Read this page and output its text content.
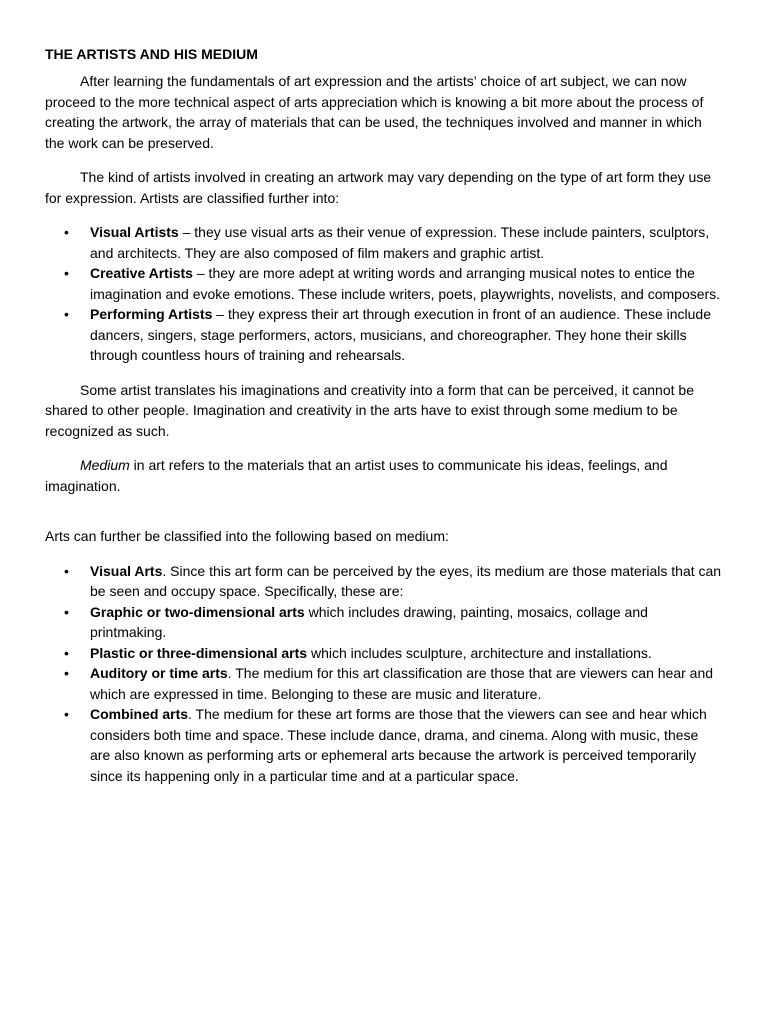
THE ARTISTS AND HIS MEDIUM

After learning the fundamentals of art expression and the artists’ choice of art subject, we can now proceed to the more technical aspect of arts appreciation which is knowing a bit more about the process of creating the artwork, the array of materials that can be used, the techniques involved and manner in which the work can be preserved.

The kind of artists involved in creating an artwork may vary depending on the type of art form they use for expression. Artists are classified further into:

• Visual Artists – they use visual arts as their venue of expression. These include painters, sculptors, and architects. They are also composed of film makers and graphic artist.
• Creative Artists – they are more adept at writing words and arranging musical notes to entice the imagination and evoke emotions. These include writers, poets, playwrights, novelists, and composers.
• Performing Artists – they express their art through execution in front of an audience. These include dancers, singers, stage performers, actors, musicians, and choreographer. They hone their skills through countless hours of training and rehearsals.

Some artist translates his imaginations and creativity into a form that can be perceived, it cannot be shared to other people. Imagination and creativity in the arts have to exist through some medium to be recognized as such.

Medium in art refers to the materials that an artist uses to communicate his ideas, feelings, and imagination.

Arts can further be classified into the following based on medium:

• Visual Arts. Since this art form can be perceived by the eyes, its medium are those materials that can be seen and occupy space. Specifically, these are:
• Graphic or two-dimensional arts which includes drawing, painting, mosaics, collage and printmaking.
• Plastic or three-dimensional arts which includes sculpture, architecture and installations.
• Auditory or time arts. The medium for this art classification are those that are viewers can hear and which are expressed in time. Belonging to these are music and literature.
• Combined arts. The medium for these art forms are those that the viewers can see and hear which considers both time and space. These include dance, drama, and cinema. Along with music, these are also known as performing arts or ephemeral arts because the artwork is perceived temporarily since its happening only in a particular time and at a particular space.
